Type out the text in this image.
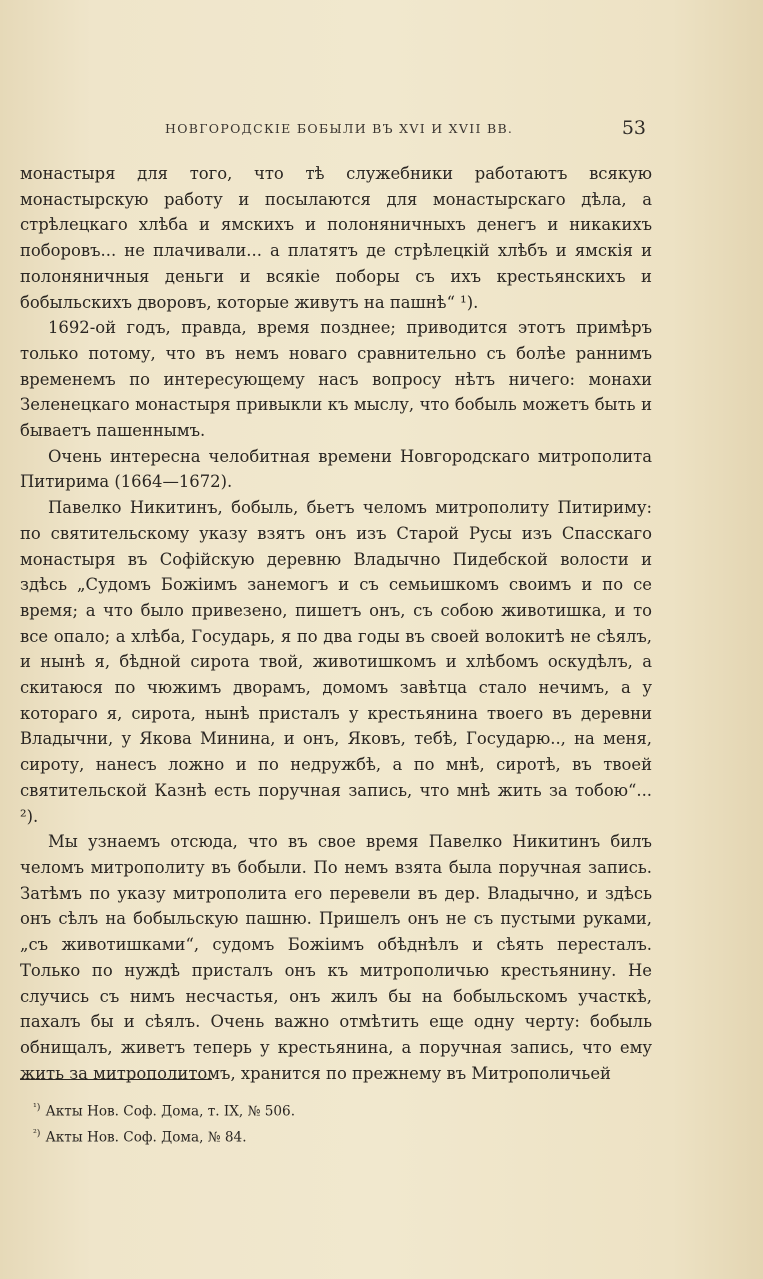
НОВГОРОДСКІЕ БОБЫЛИ ВЪ XVI И XVII ВВ.	53

монастыря для того, что тѣ служебники работаютъ всякую монастырскую работу и посылаются для монастырскаго дѣла, а стрѣлецкаго хлѣба и ямскихъ и полоняничныхъ денегъ и никакихъ поборовъ... не плачивали... а платятъ де стрѣлецкій хлѣбъ и ямскія и полоняничныя деньги и всякіе поборы съ ихъ крестьянскихъ и бобыльскихъ дворовъ, которые живутъ на пашнѣ“ ¹).

1692-ой годъ, правда, время позднее; приводится этотъ примѣръ только потому, что въ немъ новаго сравнительно съ болѣе раннимъ временемъ по интересующему насъ вопросу нѣтъ ничего: монахи Зеленецкаго монастыря привыкли къ мыслу, что бобыль можетъ быть и бываетъ пашеннымъ.

Очень интересна челобитная времени Новгородскаго митрополита Питирима (1664—1672).

Павелко Никитинъ, бобыль, бьетъ челомъ митрополиту Питириму: по святительскому указу взятъ онъ изъ Старой Русы изъ Спасскаго монастыря въ Софійскую деревню Владычно Пидебской волости и здѣсь „Судомъ Божіимъ занемогъ и съ семьишкомъ своимъ и по се время; а что было привезено, пишетъ онъ, съ собою животишка, и то все опало; а хлѣба, Государь, я по два годы въ своей волокитѣ не сѣялъ, и нынѣ я, бѣдной сирота твой, животишкомъ и хлѣбомъ оскудѣлъ, а скитаюся по чюжимъ дворамъ, домомъ завѣтца стало нечимъ, а у котораго я, сирота, нынѣ присталъ у крестьянина твоего въ деревни Владычни, у Якова Минина, и онъ, Яковъ, тебѣ, Государю.., на меня, сироту, нанесъ ложно и по недружбѣ, а по мнѣ, сиротѣ, въ твоей святительской Казнѣ есть поручная запись, что мнѣ жить за тобою“... ²).

Мы узнаемъ отсюда, что въ свое время Павелко Никитинъ билъ челомъ митрополиту въ бобыли. По немъ взята была поручная запись. Затѣмъ по указу митрополита его перевели въ дер. Владычно, и здѣсь онъ сѣлъ на бобыльскую пашню. Пришелъ онъ не съ пустыми руками, „съ животишками“, судомъ Божіимъ обѣднѣлъ и сѣять пересталъ. Только по нуждѣ присталъ онъ къ митрополичью крестьянину. Не случись съ нимъ несчастья, онъ жилъ бы на бобыльскомъ участкѣ, пахалъ бы и сѣялъ. Очень важно отмѣтить еще одну черту: бобыль обнищалъ, живетъ теперь у крестьянина, а поручная запись, что ему жить за митрополитомъ, хранится по прежнему въ Митрополичьей

$^{^1)}$ Акты Нов. Соф. Дома, т. IX, № 506.

$^{^2)}$ Акты Нов. Соф. Дома, № 84.
